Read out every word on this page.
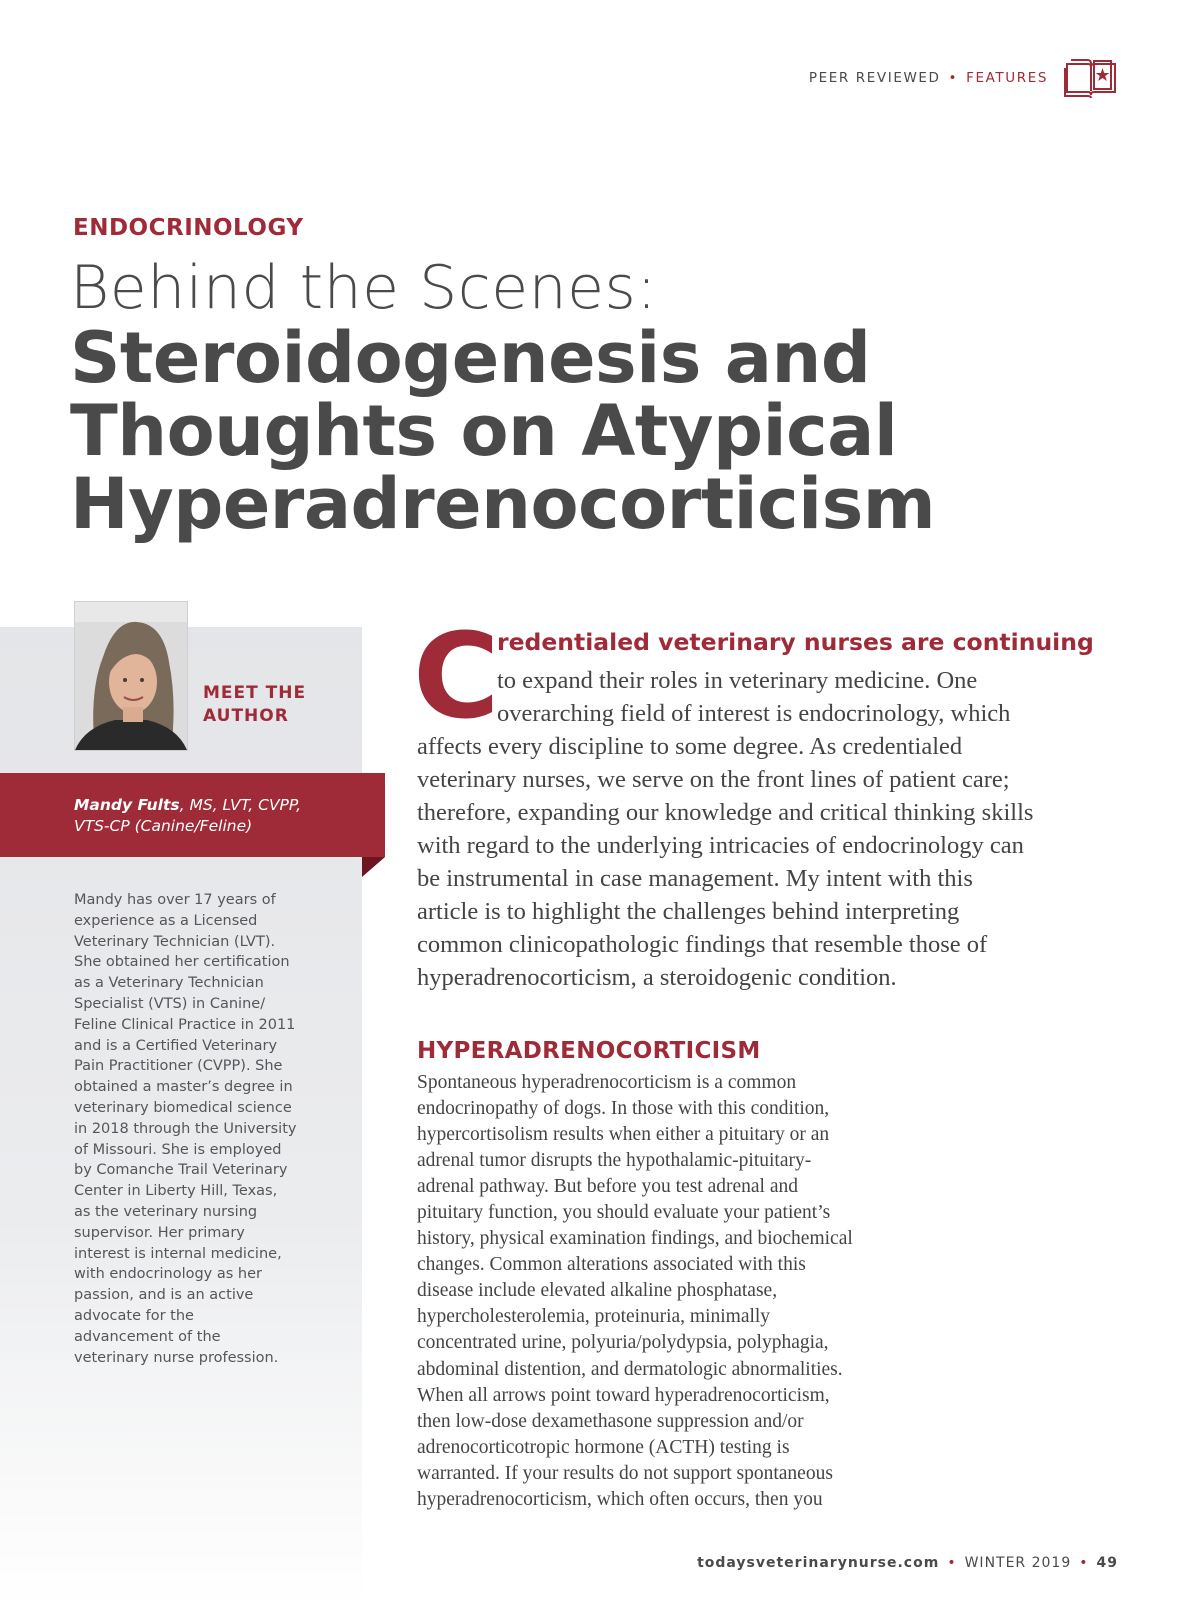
PEER REVIEWED • FEATURES
ENDOCRINOLOGY
Behind the Scenes:
Steroidogenesis and
Thoughts on Atypical
Hyperadrenocorticism
MEET THE
AUTHOR
Mandy Fults, MS, LVT, CVPP,
VTS-CP (Canine/Feline)
Mandy has over 17 years of
experience as a Licensed
Veterinary Technician (LVT).
She obtained her certification
as a Veterinary Technician
Specialist (VTS) in Canine/
Feline Clinical Practice in 2011
and is a Certified Veterinary
Pain Practitioner (CVPP). She
obtained a master’s degree in
veterinary biomedical science
in 2018 through the University
of Missouri. She is employed
by Comanche Trail Veterinary
Center in Liberty Hill, Texas,
as the veterinary nursing
supervisor. Her primary
interest is internal medicine,
with endocrinology as her
passion, and is an active
advocate for the
advancement of the
veterinary nurse profession.
C
redentialed veterinary nurses are continuing
to expand their roles in veterinary medicine. One
overarching field of interest is endocrinology, which
affects every discipline to some degree. As credentialed
veterinary nurses, we serve on the front lines of patient care;
therefore, expanding our knowledge and critical thinking skills
with regard to the underlying intricacies of endocrinology can
be instrumental in case management. My intent with this
article is to highlight the challenges behind interpreting
common clinicopathologic findings that resemble those of
hyperadrenocorticism, a steroidogenic condition.
HYPERADRENOCORTICISM
Spontaneous hyperadrenocorticism is a common
endocrinopathy of dogs. In those with this condition,
hypercortisolism results when either a pituitary or an
adrenal tumor disrupts the hypothalamic-pituitary-
adrenal pathway. But before you test adrenal and
pituitary function, you should evaluate your patient’s
history, physical examination findings, and biochemical
changes. Common alterations associated with this
disease include elevated alkaline phosphatase,
hypercholesterolemia, proteinuria, minimally
concentrated urine, polyuria/polydypsia, polyphagia,
abdominal distention, and dermatologic abnormalities.
When all arrows point toward hyperadrenocorticism,
then low-dose dexamethasone suppression and/or
adrenocorticotropic hormone (ACTH) testing is
warranted. If your results do not support spontaneous
hyperadrenocorticism, which often occurs, then you
todaysveterinarynurse.com • WINTER 2019 • 49
